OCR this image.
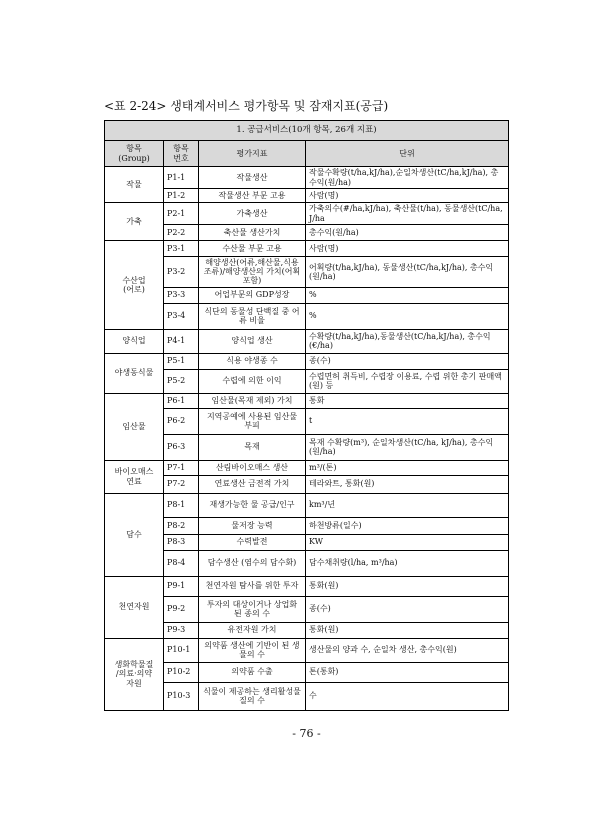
<표 2-24> 생태계서비스 평가항목 및 잠재지표(공급)
1. 공급서비스(10개 항목, 26개 지표)			
항목
(Group)	항목
번호	평가지표	단위
작물	P1-1	작물생산	작물수확량(t/ha,kJ/ha),순일차생산(tC/ha,kJ/ha), 총수익(원/ha)
	P1-2	작물생산 부문 고용	사람(명)
가축	P2-1	가축생산	가축의수(#/ha,kJ/ha), 축산물(t/ha), 동물생산(tC/ha, J/ha
	P2-2	축산물 생산가치	총수익(원/ha)
수산업
(어로)	P3-1	수산물 부문 고용	사람(명)
	P3-2	해양생산(어류,해산물,식용조류)/해양생산의 가치(어획포함)	어획량(t/ha,kJ/ha), 동물생산(tC/ha,kJ/ha), 총수익(원/ha)
	P3-3	어업부문의 GDP성장	%
	P3-4	식단의 동물성 단백질 중 어류 비율	%
양식업	P4-1	양식업 생산	수확량(t/ha,kJ/ha),동물생산(tC/ha,kJ/ha), 총수익(€/ha)
야생동식물	P5-1	식용 야생종 수	종(수)
	P5-2	수렵에 의한 이익	수렵면허 취득비, 수렵장 이용료, 수렵 위한 총기 판매액(원) 등
임산물	P6-1	임산물(목재 제외) 가치	통화
	P6-2	지역공예에 사용된 임산물 부피	t
	P6-3	목재	목재 수확량(m³), 순일차생산(tC/ha, kJ/ha), 총수익(원/ha)
바이오매스
연료	P7-1	산림바이오매스 생산	m³/(톤)
	P7-2	연료생산 금전적 가치	테라와트, 통화(원)
담수	P8-1	재생가능한 물 공급/인구	km³/년
	P8-2	물저장 능력	하천방류(일수)
	P8-3	수력발전	KW
	P8-4	담수생산 (염수의 담수화)	담수채취량(l/ha, m³/ha)
천연자원	P9-1	천연자원 탐사를 위한 투자	통화(원)
	P9-2	투자의 대상이거나 상업화 된 종의 수	종(수)
	P9-3	유전자원 가치	통화(원)
생화학물질
/의료·의약
자원	P10-1	의약품 생산에 기반이 된 생물의 수	생산물의 양과 수, 순일차 생산, 총수익(원)
	P10-2	의약품 수출	톤(통화)
	P10-3	식물이 제공하는 생리활성물질의 수	수
- 76 -
